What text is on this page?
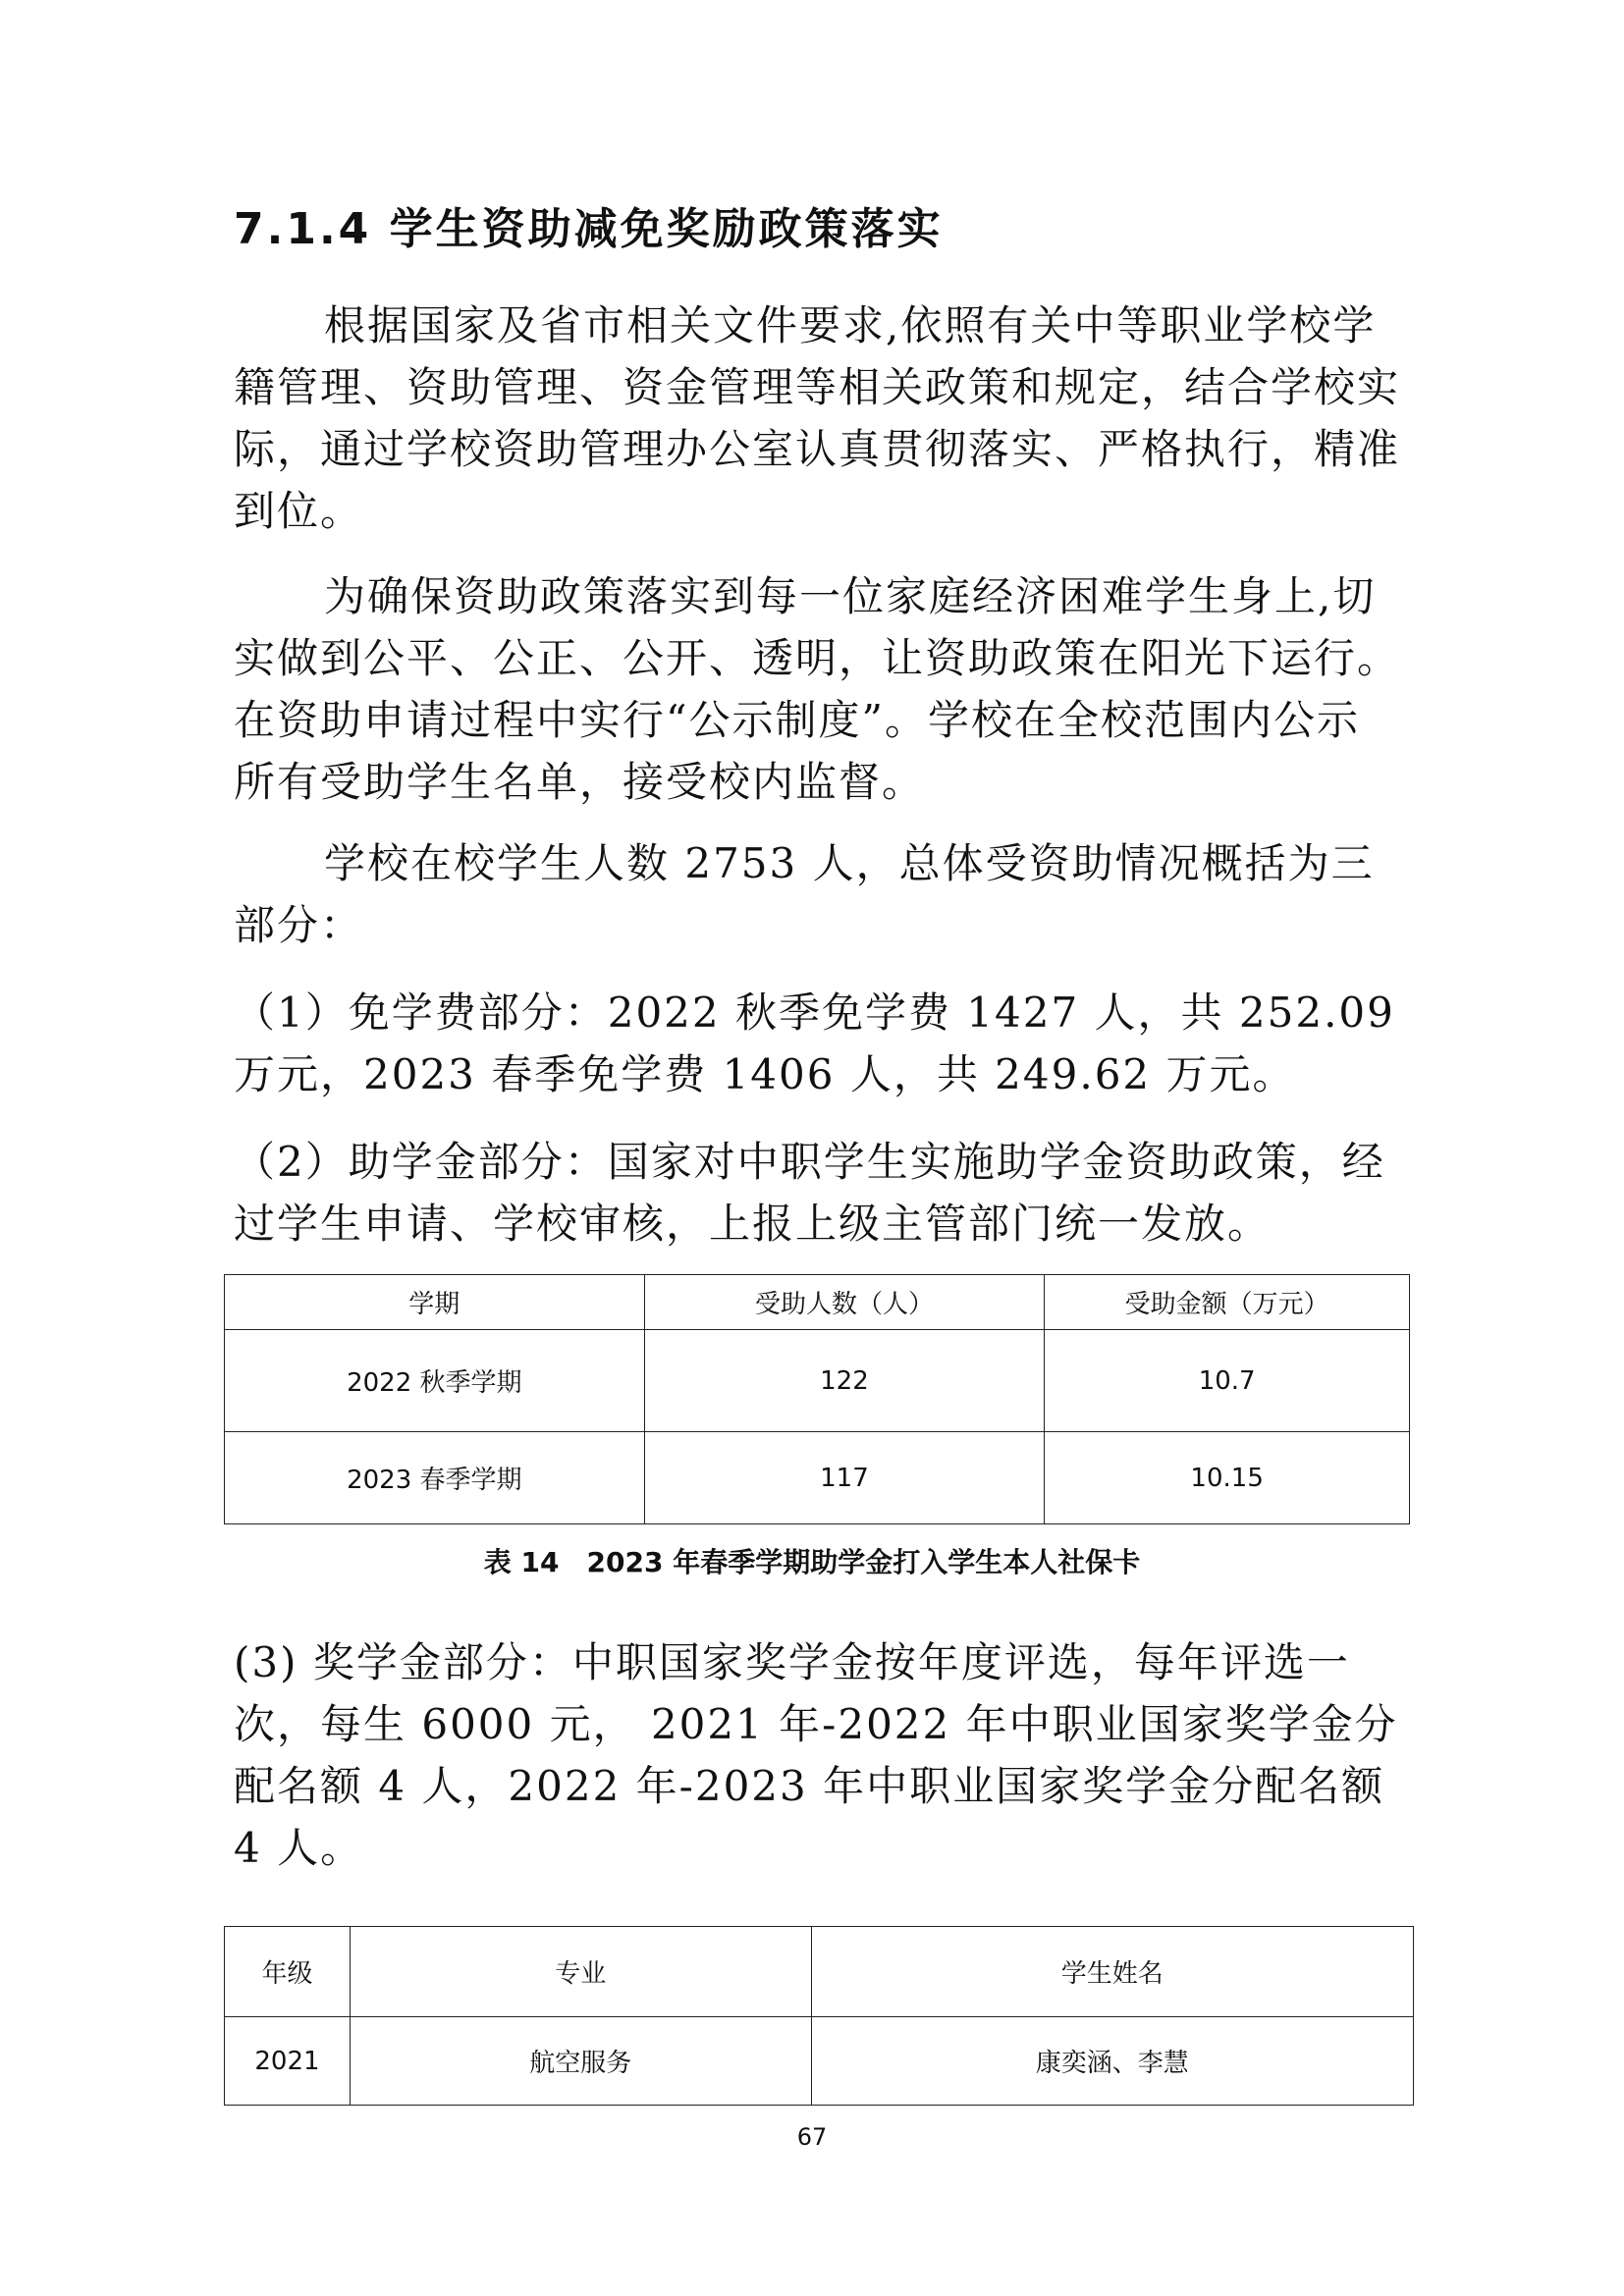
7.1.4 学生资助减免奖励政策落实

根据国家及省市相关文件要求,依照有关中等职业学校学籍管理、资助管理、资金管理等相关政策和规定，结合学校实际，通过学校资助管理办公室认真贯彻落实、严格执行，精准到位。

为确保资助政策落实到每一位家庭经济困难学生身上,切实做到公平、公正、公开、透明，让资助政策在阳光下运行。在资助申请过程中实行“公示制度”。学校在全校范围内公示所有受助学生名单，接受校内监督。

学校在校学生人数 2753 人，总体受资助情况概括为三部分：

（1）免学费部分：2022 秋季免学费 1427 人，共 252.09 万元，2023 春季免学费 1406 人，共 249.62 万元。

（2）助学金部分：国家对中职学生实施助学金资助政策，经过学生申请、学校审核，上报上级主管部门统一发放。

学期	受助人数（人）	受助金额（万元）
2022 秋季学期	122	10.7
2023 春季学期	117	10.15
表 14　2023 年春季学期助学金打入学生本人社保卡

(3) 奖学金部分：中职国家奖学金按年度评选，每年评选一次，每生 6000 元， 2021 年-2022 年中职业国家奖学金分配名额 4 人，2022 年-2023 年中职业国家奖学金分配名额 4 人。

年级	专业	学生姓名
2021	航空服务	康奕涵、李慧
67
